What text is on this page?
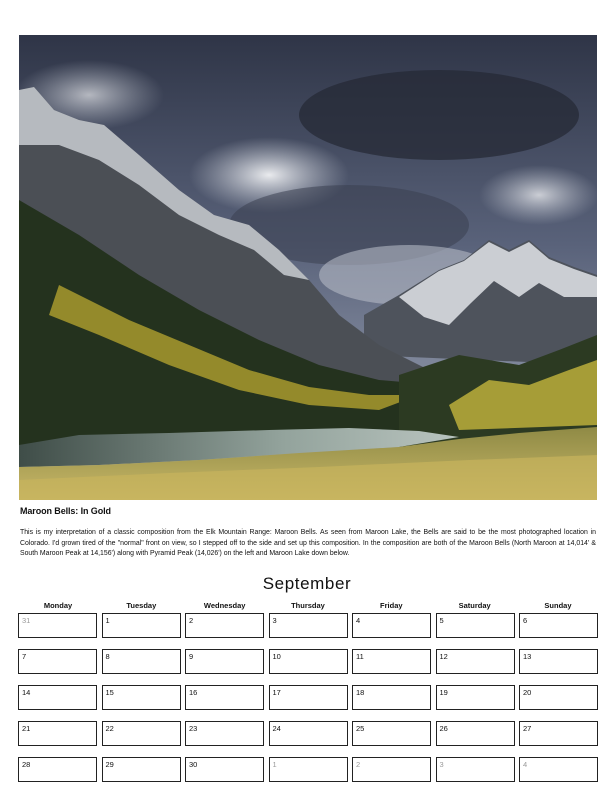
Maroon Bells: In Gold
This is my interpretation of a classic composition from the Elk Mountain Range: Maroon Bells. As seen from Maroon Lake, the Bells are said to be the most photographed location in Colorado. I'd grown tired of the "normal" front on view, so I stepped off to the side and set up this composition. In the composition are both of the Maroon Bells (North Maroon at 14,014' & South Maroon Peak at 14,156') along with Pyramid Peak (14,026') on the left and Maroon Lake down below.
September
Monday	Tuesday	Wednesday	Thursday	Friday	Saturday	Sunday
31	1	2	3	4	5	6
7	8	9	10	11	12	13
14	15	16	17	18	19	20
21	22	23	24	25	26	27
28	29	30	1	2	3	4
